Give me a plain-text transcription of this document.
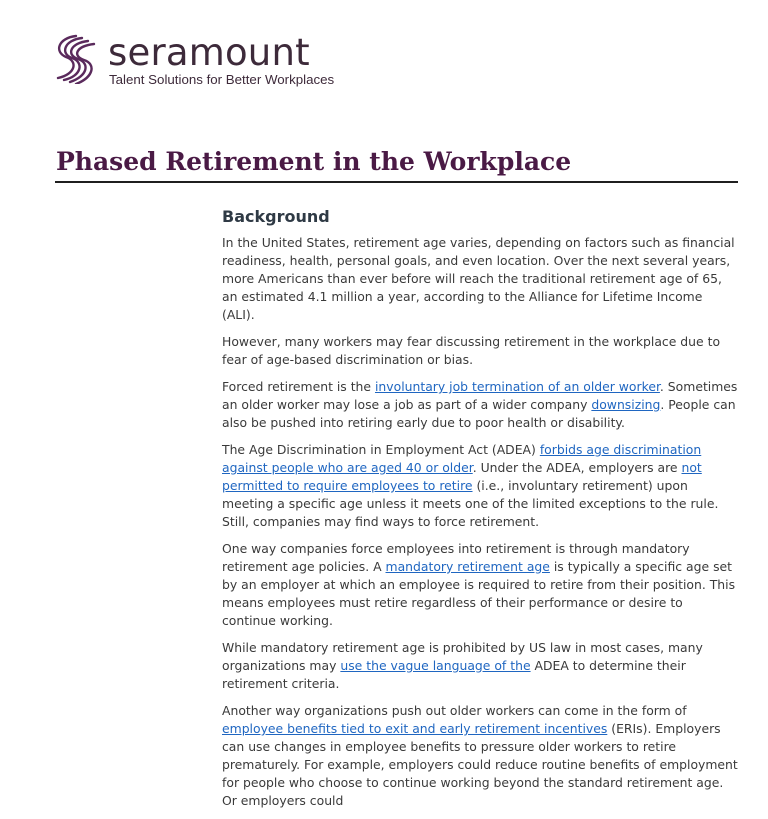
seramount
Talent Solutions for Better Workplaces
Phased Retirement in the Workplace
Background

In the United States, retirement age varies, depending on factors such as financial readiness, health, personal goals, and even location. Over the next several years, more Americans than ever before will reach the traditional retirement age of 65, an estimated 4.1 million a year, according to the Alliance for Lifetime Income (ALI).

However, many workers may fear discussing retirement in the workplace due to fear of age-based discrimination or bias.

Forced retirement is the involuntary job termination of an older worker. Sometimes an older worker may lose a job as part of a wider company downsizing. People can also be pushed into retiring early due to poor health or disability.

The Age Discrimination in Employment Act (ADEA) forbids age discrimination against people who are aged 40 or older. Under the ADEA, employers are not permitted to require employees to retire (i.e., involuntary retirement) upon meeting a specific age unless it meets one of the limited exceptions to the rule. Still, companies may find ways to force retirement.

One way companies force employees into retirement is through mandatory retirement age policies. A mandatory retirement age is typically a specific age set by an employer at which an employee is required to retire from their position. This means employees must retire regardless of their performance or desire to continue working.

While mandatory retirement age is prohibited by US law in most cases, many organizations may use the vague language of the ADEA to determine their retirement criteria.

Another way organizations push out older workers can come in the form of employee benefits tied to exit and early retirement incentives (ERIs). Employers can use changes in employee benefits to pressure older workers to retire prematurely. For example, employers could reduce routine benefits of employment for people who choose to continue working beyond the standard retirement age. Or employers could
